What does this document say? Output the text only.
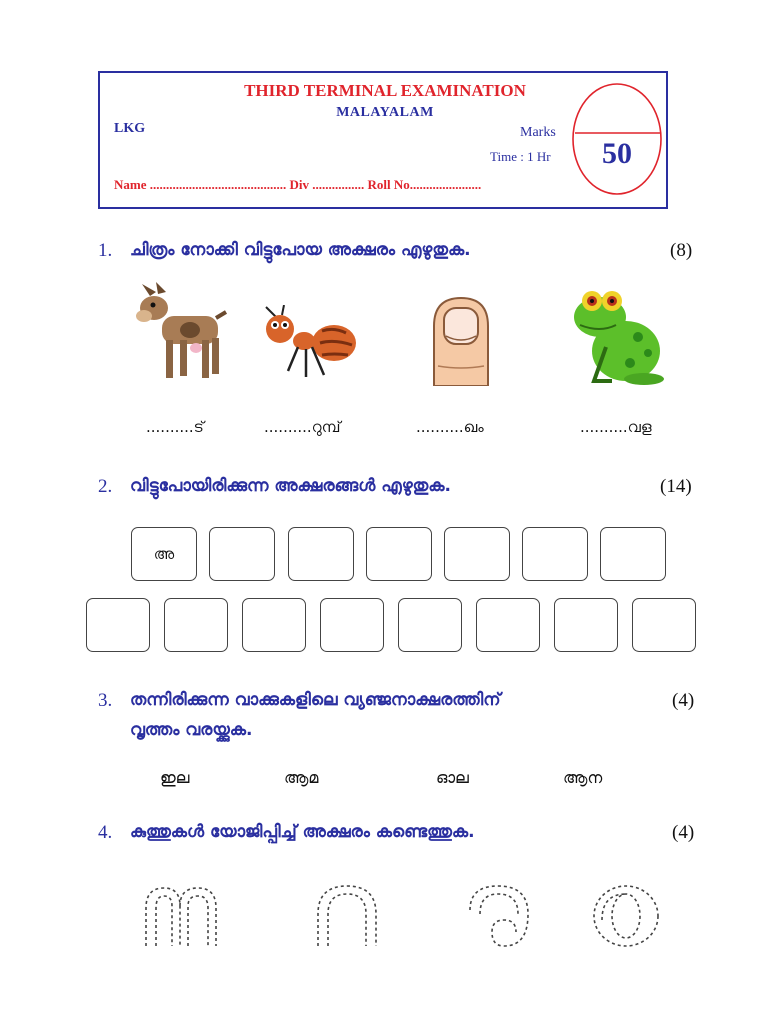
THIRD TERMINAL EXAMINATION
MALAYALAM
LKG	Marks
Time : 1 Hr
Name .......................................... Div ................ Roll No......................
50
1. ചിത്രം നോക്കി വിട്ടുപോയ അക്ഷരം എഴുതുക.	(8)
..........ട്	..........റുമ്പ്	..........ഖം	..........വള
2. വിട്ടുപോയിരിക്കുന്ന അക്ഷരങ്ങൾ എഴുതുക.	(14)
അ
3. തന്നിരിക്കുന്ന വാക്കുകളിലെ വ്യഞ്ജനാക്ഷരത്തിന്
വൃത്തം വരയ്ക്കുക.
(4)
ഇല	ആമ	ഓല	ആന
4. കുത്തുകൾ യോജിപ്പിച്ച് അക്ഷരം കണ്ടെത്തുക.	(4)
